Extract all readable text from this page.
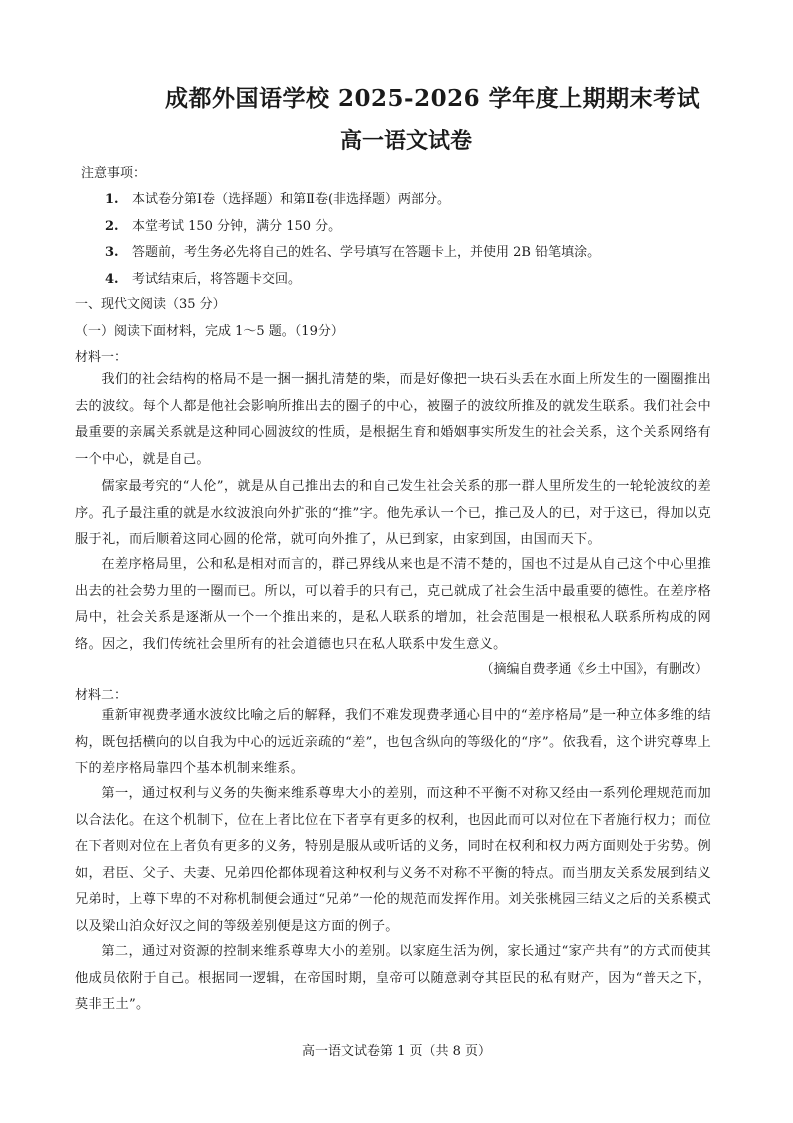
成都外国语学校 2025-2026 学年度上期期末考试
高一语文试卷
注意事项：
1. 本试卷分第Ⅰ卷（选择题）和第Ⅱ卷(非选择题）两部分。
2. 本堂考试 150 分钟，满分 150 分。
3. 答题前，考生务必先将自己的姓名、学号填写在答题卡上，并使用 2B 铅笔填涂。
4. 考试结束后，将答题卡交回。
一、现代文阅读（35 分）
（一）阅读下面材料，完成 1～5 题。（19分）
材料一：
我们的社会结构的格局不是一捆一捆扎清楚的柴，而是好像把一块石头丢在水面上所发生的一圈圈推出去的波纹。每个人都是他社会影响所推出去的圈子的中心，被圈子的波纹所推及的就发生联系。我们社会中最重要的亲属关系就是这种同心圆波纹的性质，是根据生育和婚姻事实所发生的社会关系，这个关系网络有一个中心，就是自己。
儒家最考究的“人伦”，就是从自己推出去的和自己发生社会关系的那一群人里所发生的一轮轮波纹的差序。孔子最注重的就是水纹波浪向外扩张的“推”字。他先承认一个已，推己及人的已，对于这已，得加以克服于礼，而后顺着这同心圆的伦常，就可向外推了，从已到家，由家到国，由国而天下。
在差序格局里，公和私是相对而言的，群己界线从来也是不清不楚的，国也不过是从自己这个中心里推出去的社会势力里的一圈而已。所以，可以着手的只有己，克己就成了社会生活中最重要的德性。在差序格局中，社会关系是逐渐从一个一个推出来的，是私人联系的增加，社会范围是一根根私人联系所构成的网络。因之，我们传统社会里所有的社会道德也只在私人联系中发生意义。
（摘编自费孝通《乡土中国》，有删改）
材料二：
重新审视费孝通水波纹比喻之后的解释，我们不难发现费孝通心目中的“差序格局”是一种立体多维的结构，既包括横向的以自我为中心的远近亲疏的“差”，也包含纵向的等级化的“序”。依我看，这个讲究尊卑上下的差序格局靠四个基本机制来维系。
第一，通过权利与义务的失衡来维系尊卑大小的差别，而这种不平衡不对称又经由一系列伦理规范而加以合法化。在这个机制下，位在上者比位在下者享有更多的权利，也因此而可以对位在下者施行权力；而位在下者则对位在上者负有更多的义务，特别是服从或听话的义务，同时在权利和权力两方面则处于劣势。例如，君臣、父子、夫妻、兄弟四伦都体现着这种权利与义务不对称不平衡的特点。而当朋友关系发展到结义兄弟时，上尊下卑的不对称机制便会通过“兄弟”一伦的规范而发挥作用。刘关张桃园三结义之后的关系模式以及梁山泊众好汉之间的等级差别便是这方面的例子。
第二，通过对资源的控制来维系尊卑大小的差别。以家庭生活为例，家长通过“家产共有”的方式而使其他成员依附于自己。根据同一逻辑，在帝国时期，皇帝可以随意剥夺其臣民的私有财产，因为“普天之下，莫非王土”。
高一语文试卷第 1 页（共 8 页）
